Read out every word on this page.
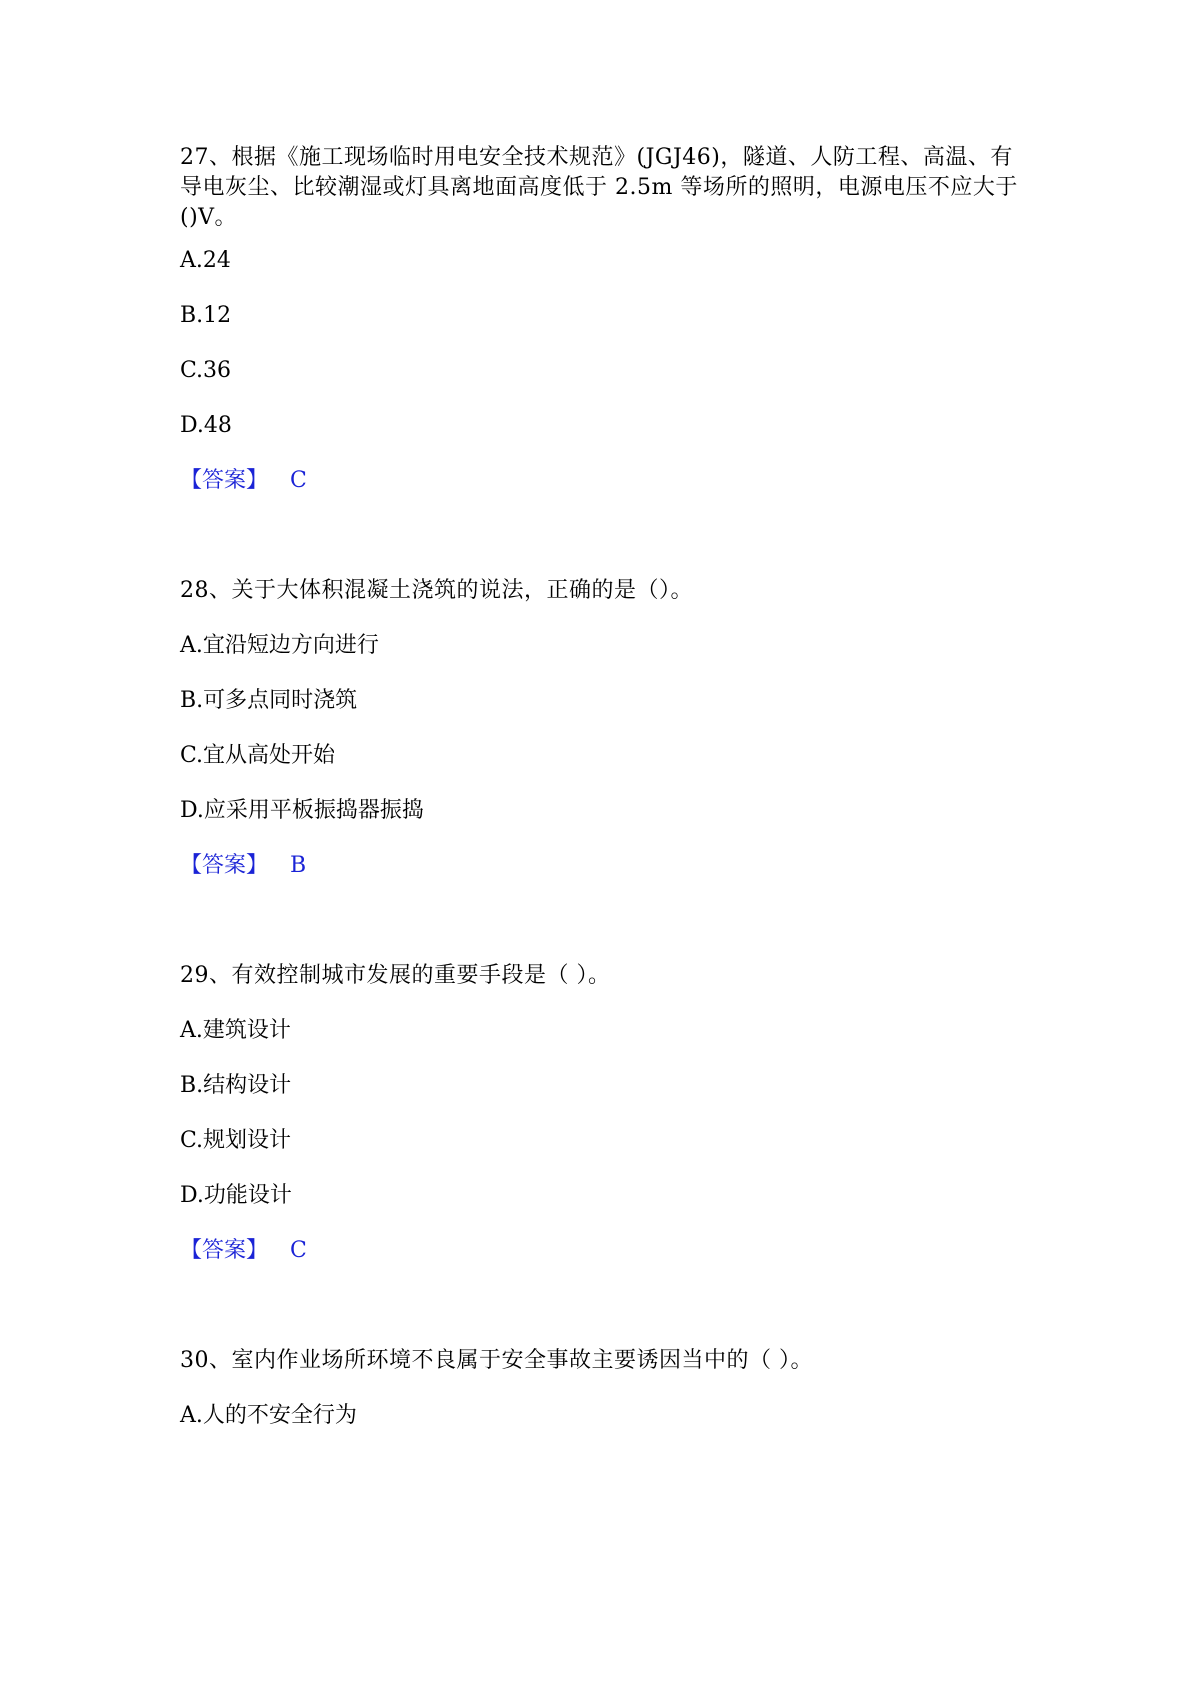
27、根据《施工现场临时用电安全技术规范》(JGJ46)，隧道、人防工程、高温、有导电灰尘、比较潮湿或灯具离地面高度低于 2.5m 等场所的照明，电源电压不应大于()V。
A.24
B.12
C.36
D.48
【答案】 C
28、关于大体积混凝土浇筑的说法，正确的是（）。
A.宜沿短边方向进行
B.可多点同时浇筑
C.宜从高处开始
D.应采用平板振捣器振捣
【答案】 B
29、有效控制城市发展的重要手段是（ ）。
A.建筑设计
B.结构设计
C.规划设计
D.功能设计
【答案】 C
30、室内作业场所环境不良属于安全事故主要诱因当中的（ ）。
A.人的不安全行为
